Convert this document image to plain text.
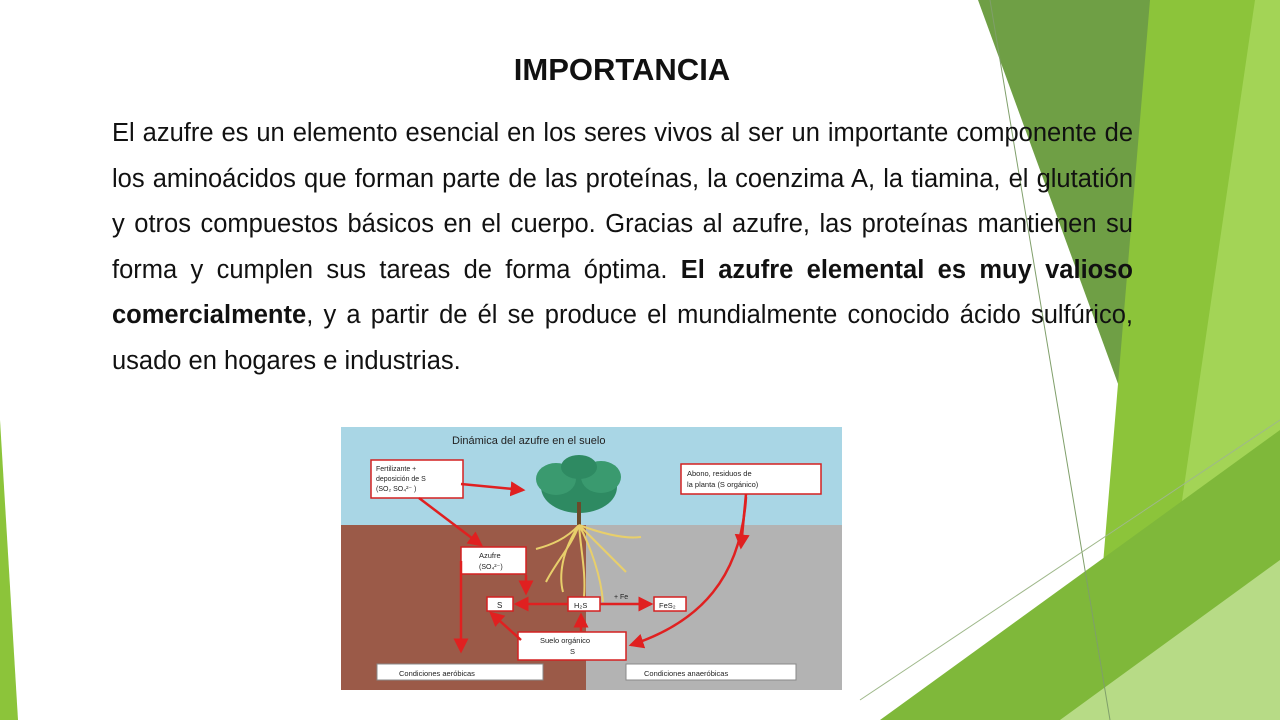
IMPORTANCIA
El azufre es un elemento esencial en los seres vivos al ser un importante componente de los aminoácidos que forman parte de las proteínas, la coenzima A, la tiamina, el glutatión y otros compuestos básicos en el cuerpo. Gracias al azufre, las proteínas mantienen su forma y cumplen sus tareas de forma óptima. El azufre elemental es muy valioso comercialmente, y a partir de él se produce el mundialmente conocido ácido sulfúrico, usado en hogares e industrias.
Dinámica del azufre en el suelo
Fertilizante +
deposición de S
(SO₂ SO₄²⁻ )
Abono, residuos de
la planta (S orgánico)
Azufre
(SO₄²⁻)
S	H₂S
+ Fe
FeS₂
Suelo orgánico
S
Condiciones aeróbicas	Condiciones anaeróbicas
